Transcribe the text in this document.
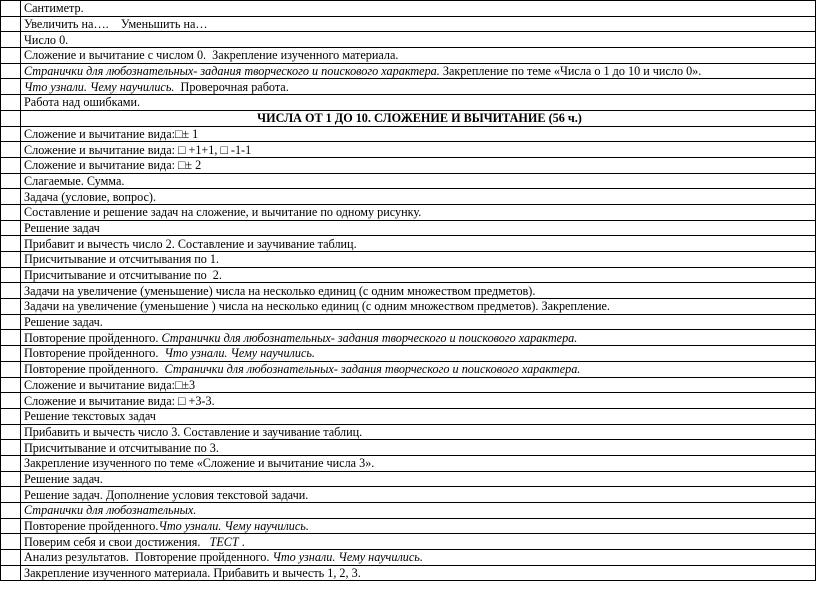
	Сантиметр.
	Увеличить на….    Уменьшить на…
	Число 0.
	Сложение и вычитание с числом 0.  Закрепление изученного материала.
	Странички для любознательных- задания творческого и поискового характера. Закрепление по теме «Числа о 1 до 10 и число 0».
	Что узнали. Чему научились.  Проверочная работа.
	Работа над ошибками.
	ЧИСЛА ОТ 1 ДО 10. СЛОЖЕНИЕ И ВЫЧИТАНИЕ (56 ч.)
	Сложение и вычитание вида:□± 1
	Сложение и вычитание вида: □ +1+1, □ -1-1
	Сложение и вычитание вида: □± 2
	Слагаемые. Сумма.
	Задача (условие, вопрос).
	Составление и решение задач на сложение, и вычитание по одному рисунку.
	Решение задач
	Прибавит и вычесть число 2. Составление и заучивание таблиц.
	Присчитывание и отсчитывания по 1.
	Присчитывание и отсчитывание по  2.
	Задачи на увеличение (уменьшение) числа на несколько единиц (с одним множеством предметов).
	Задачи на увеличение (уменьшение ) числа на несколько единиц (с одним множеством предметов). Закрепление.
	Решение задач.
	Повторение пройденного. Странички для любознательных- задания творческого и поискового характера.
	Повторение пройденного.  Что узнали. Чему научились.
	Повторение пройденного.  Странички для любознательных- задания творческого и поискового характера.
	Сложение и вычитание вида:□±3
	Сложение и вычитание вида: □ +3-3.
	Решение текстовых задач
	Прибавить и вычесть число 3. Составление и заучивание таблиц.
	Присчитывание и отсчитывание по 3.
	Закрепление изученного по теме «Сложение и вычитание числа 3».
	Решение задач.
	Решение задач. Дополнение условия текстовой задачи.
	Странички для любознательных.
	Повторение пройденного.Что узнали. Чему научились.
	Поверим себя и свои достижения.   ТЕСТ .
	Анализ результатов.  Повторение пройденного. Что узнали. Чему научились.
	Закрепление изученного материала. Прибавить и вычесть 1, 2, 3.
